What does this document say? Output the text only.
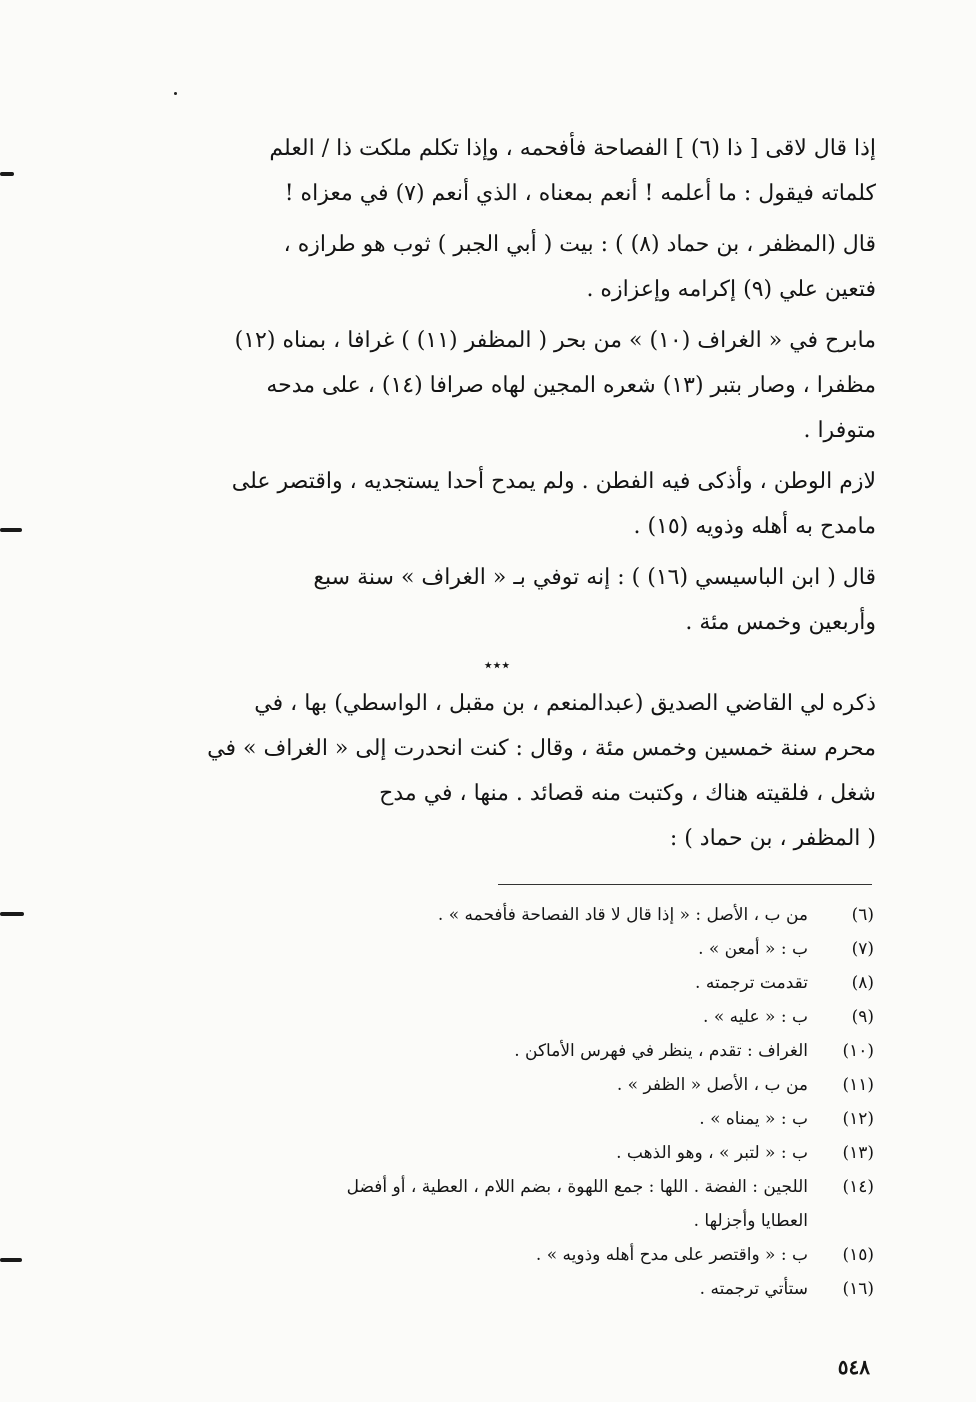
إذا قال لاقى [ ذا (٦) ] الفصاحة فأفحمه ، وإذا تكلم ملكت ذا / العلم
كلماته فيقول : ما أعلمه ! أنعم بمعناه ، الذي أنعم (٧) في معزاه !

قال (المظفر ، بن حماد (٨) ) : بيت ( أبي الجبر ) ثوب هو طرازه ،
فتعين علي (٩) إكرامه وإعزازه .

مابرح في « الغراف (١٠) » من بحر ( المظفر (١١) ) غرافا ، بمناه (١٢)
مظفرا ، وصار بتبر (١٣) شعره المجين لهاه صرافا (١٤) ، على مدحه
متوفرا .

لازم الوطن ، وأذكى فيه الفطن . ولم يمدح أحدا يستجديه ، واقتصر على
مامدح به أهله وذويه (١٥) .

قال ( ابن الباسيسي (١٦) ) : إنه توفي بـ « الغراف » سنة سبع
وأربعين وخمس مئة .

٭٭٭

ذكره لي القاضي الصديق (عبدالمنعم ، بن مقبل ، الواسطي) بها ، في
محرم سنة خمسين وخمس مئة ، وقال : كنت انحدرت إلى « الغراف » في
شغل ، فلقيته هناك ، وكتبت منه قصائد . منها ، في مدح
( المظفر ، بن حماد ) :

(٦)
من ب ، الأصل : « إذا قال لا قاد الفصاحة فأفحمه » .
(٧)
ب : « أمعن » .
(٨)
تقدمت ترجمته .
(٩)
ب : « عليه » .
(١٠)
الغراف : تقدم ، ينظر في فهرس الأماكن .
(١١)
من ب ، الأصل « الظفر » .
(١٢)
ب : « يمناه » .
(١٣)
ب : « لتبر » ، وهو الذهب .
(١٤)
اللجين : الفضة . اللها : جمع اللهوة ، بضم اللام ، العطية ، أو أفضل
العطايا وأجزلها .
(١٥)
ب : « واقتصر على مدح أهله وذويه » .
(١٦)
ستأتي ترجمته .
٥٤٨
